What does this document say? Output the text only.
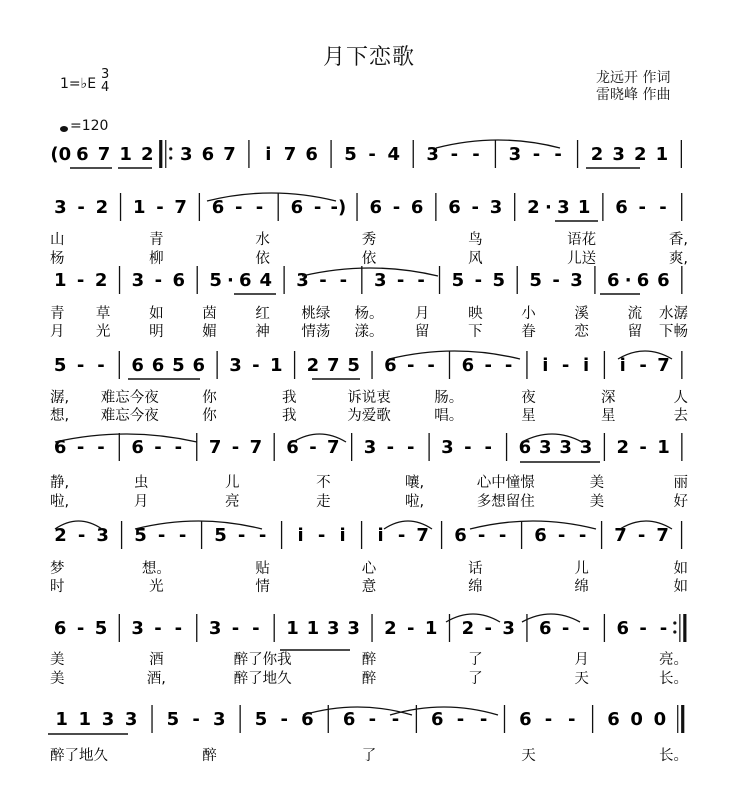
月下恋歌
龙远开 作词
雷晓峰 作曲
1=♭E
3
4
=120
(0 6 7 1 2 3 6 7 i 7 6 5 - 4 3 - - 3 - - 2 3 2 1
3 - 2 1 - 7 6 - - 6 - -) 6 - 6 6 - 3 2 · 3 1 6 - -
山	青	水	秀	鸟	语花	香,
杨	柳	依	依	风	儿送	爽,
1 - 2 3 - 6 5 · 6 4 3 - - 3 - - 5 - 5 5 - 3 6 · 6 6
青 草	如	茵	红 桃绿 杨。 月	映	小	溪	流 水潺
月 光	明	媚	神 情荡 漾。 留	下	眷	恋	留 下畅
5 - - 6 6 5 6 3 - 1 2 7 5 6 - - 6 - - i - i i - 7
潺, 难忘今夜	你	我	诉说衷	肠。	夜	深	人
想, 难忘今夜	你	我	为爱歌	唱。	星	星	去
6 - - 6 - - 7 - 7 6 - 7 3 - - 3 - - 6 3 3 3 2 - 1
静,	虫	儿	不	嚷,	心中憧憬	美	丽
啦,	月	亮	走	啦,	多想留住	美	好
2 - 3 5 - - 5 - - i - i i - 7 6 - - 6 - - 7 - 7
梦	想。	贴	心	话	儿	如
时	光	情	意	绵	绵	如
6 - 5 3 - - 3 - - 1 1 3 3 2 - 1 2 - 3 6 - - 6 - -
美	酒	醉了你我	醉	了	月	亮。
美	酒,	醉了地久	醉	了	天	长。
1 1 3 3 5 - 3 5 - 6 6 - - 6 - - 6 - - 6 0 0
醉了地久	醉	了	天	长。
